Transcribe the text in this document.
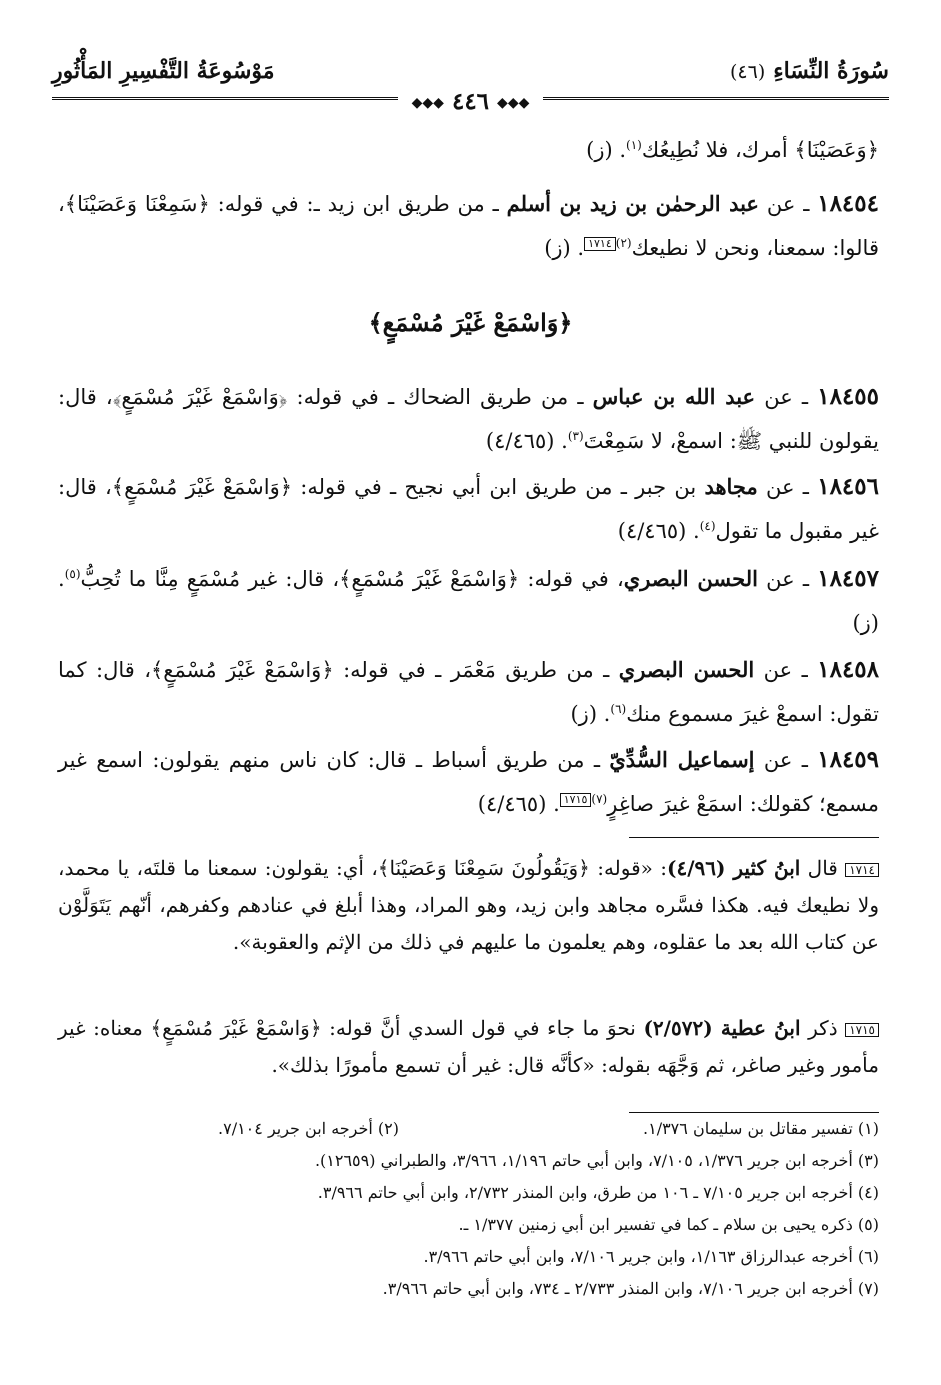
سُورَةُ النِّسَاءِ(٤٦)
مَوْسُوعَةُ التَّفْسِيرِ المَأْثُورِ
◆◆◆ ٤٤٦ ◆◆◆
﴿وَعَصَيْنَا﴾ أمرك، فلا نُطِيعُك$^{(١)}$. (ز)
١٨٤٥٤ ـ عن عبد الرحمٰن بن زيد بن أسلم ـ من طريق ابن زيد ـ: في قوله: ﴿سَمِعْنَا وَعَصَيْنَا﴾، قالوا: سمعنا، ونحن لا نطيعك$^{(٢)}$١٧١٤. (ز)
﴿وَاسْمَعْ غَيْرَ مُسْمَعٍ﴾
١٨٤٥٥ ـ عن عبد الله بن عباس ـ من طريق الضحاك ـ في قوله: ﴿وَاسْمَعْ غَيْرَ مُسْمَعٍ﴾، قال: يقولون للنبي ﷺ: اسمعْ، لا سَمِعْتَ$^{(٣)}$. (٤/٤٦٥)
١٨٤٥٦ ـ عن مجاهد بن جبر ـ من طريق ابن أبي نجيح ـ في قوله: ﴿وَاسْمَعْ غَيْرَ مُسْمَعٍ﴾، قال: غير مقبول ما تقول$^{(٤)}$. (٤/٤٦٥)
١٨٤٥٧ ـ عن الحسن البصري، في قوله: ﴿وَاسْمَعْ غَيْرَ مُسْمَعٍ﴾، قال: غير مُسْمَعٍ مِنَّا ما تُحِبُّ$^{(٥)}$. (ز)
١٨٤٥٨ ـ عن الحسن البصري ـ من طريق مَعْمَر ـ في قوله: ﴿وَاسْمَعْ غَيْرَ مُسْمَعٍ﴾، قال: كما تقول: اسمعْ غيرَ مسموع منك$^{(٦)}$. (ز)
١٨٤٥٩ ـ عن إسماعيل السُّدِّيّ ـ من طريق أسباط ـ قال: كان ناس منهم يقولون: اسمع غير مسمع؛ كقولك: اسمَعْ غيرَ صاغِرٍ$^{(٧)}$١٧١٥. (٤/٤٦٥)
١٧١٤ قال ابنُ كثير (٤/٩٦): «قوله: ﴿وَيَقُولُونَ سَمِعْنَا وَعَصَيْنَا﴾، أي: يقولون: سمعنا ما قلتَه، يا محمد، ولا نطيعك فيه. هكذا فسَّره مجاهد وابن زيد، وهو المراد، وهذا أبلغ في عنادهم وكفرهم، أنّهم يَتَوَلَّوْن عن كتاب الله بعد ما عقلوه، وهم يعلمون ما عليهم في ذلك من الإثم والعقوبة».
١٧١٥ ذكر ابنُ عطية (٢/٥٧٢) نحوَ ما جاء في قول السدي أنَّ قوله: ﴿وَاسْمَعْ غَيْرَ مُسْمَعٍ﴾ معناه: غير مأمور وغير صاغر، ثم وَجَّهَه بقوله: «كأنَّه قال: غير أن تسمع مأمورًا بذلك».
(١) تفسير مقاتل بن سليمان ١/٣٧٦.
(٢) أخرجه ابن جرير ٧/١٠٤.
(٣) أخرجه ابن جرير ١/٣٧٦، ٧/١٠٥، وابن أبي حاتم ١/١٩٦، ٣/٩٦٦، والطبراني (١٢٦٥٩).
(٤) أخرجه ابن جرير ٧/١٠٥ ـ ١٠٦ من طرق، وابن المنذر ٢/٧٣٢، وابن أبي حاتم ٣/٩٦٦.
(٥) ذكره يحيى بن سلام ـ كما في تفسير ابن أبي زمنين ١/٣٧٧ ـ.
(٦) أخرجه عبدالرزاق ١/١٦٣، وابن جرير ٧/١٠٦، وابن أبي حاتم ٣/٩٦٦.
(٧) أخرجه ابن جرير ٧/١٠٦، وابن المنذر ٢/٧٣٣ ـ ٧٣٤، وابن أبي حاتم ٣/٩٦٦.
